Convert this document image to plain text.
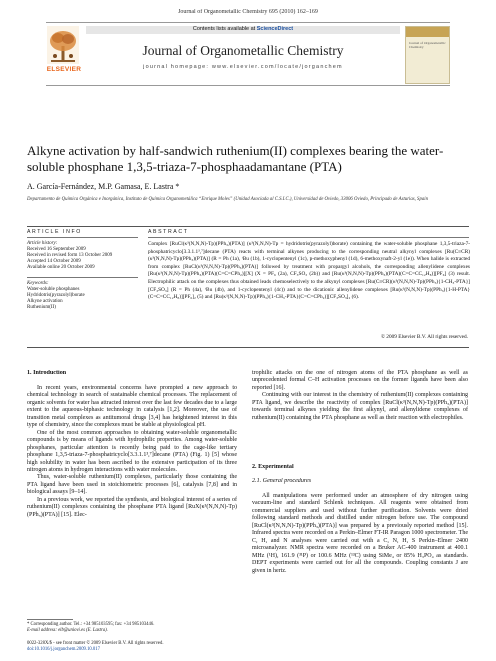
Journal of Organometallic Chemistry 695 (2010) 162–169
ELSEVIER
Contents lists available at ScienceDirect
Journal of Organometallic Chemistry
journal homepage: www.elsevier.com/locate/jorganchem
Journal of Organometallic Chemistry
Alkyne activation by half-sandwich ruthenium(II) complexes bearing the water-soluble phosphane 1,3,5-triaza-7-phosphaadamantane (PTA)
A. García-Fernández, M.P. Gamasa, E. Lastra *
Departamento de Química Orgánica e Inorgánica, Instituto de Química Organometálica “Enrique Moles” (Unidad Asociada al C.S.I.C.), Universidad de Oviedo, 33006 Oviedo, Principado de Asturias, Spain
ARTICLE INFO	ABSTRACT
Article history:
Received 16 September 2009
Received in revised form 13 October 2009
Accepted 14 October 2009
Available online 20 October 2009
Keywords:
Water-soluble phosphanes
Hydridotris(pyrazolyl)borate
Alkyne activation
Ruthenium(II)
Complex [RuCl(κ³(N,N,N)-Tp)(PPh₃)(PTA)] (κ³(N,N,N)-Tp = hydridotris(pyrazolyl)borate) containing the water-soluble phosphane 1,3,5-triaza-7-phosphatricyclo[3.3.1.1³,⁷]decane (PTA) reacts with terminal alkynes producing to the corresponding neutral alkynyl complexes [Ru(C≡CR)(κ³(N,N,N)-Tp)(PPh₃)(PTA)] (R = Ph (1a), ᵗBu (1b), 1-cyclopentenyl (1c), p-methoxyphenyl (1d), 6-methoxynaft-2-yl (1e)). When halide is extracted from complex [RuCl(κ³(N,N,N)-Tp)(PPh₃)(PTA)] followed by treatment with propargyl alcohols, the corresponding allenylidene complexes [Ru(κ³(N,N,N)-Tp)(PPh₃)(PTA)(C=C=CPh₂)][X] (X = PF₆ (2a), CF₃SO₃ (2b)) and [Ru(κ³(N,N,N)-Tp)(PPh₃)(PTA)(C=C=CC₁₂H₈)][PF₆] (3) result. Electrophilic attack on the complexes thus obtained leads chemoselectively to the alkynyl complexes [Ru(C≡CR)(κ³(N,N,N)-Tp)(PPh₃){1-CH₃-PTA}][CF₃SO₃] (R = Ph (4a), ᵗBu (4b), and 1-cyclopentenyl (4c)) and to the dicationic allenylidene complexes [Ru(κ³(N,N,N)-Tp)(PPh₃){1-H-PTA}(C=C=CC₁₂H₈)][PF₆]₂ (5) and [Ru(κ³(N,N,N)-Tp)(PPh₃){1-CH₃-PTA}(C=C=CPh₂)][CF₃SO₃]₂ (6).
© 2009 Elsevier B.V. All rights reserved.
1. Introduction

In recent years, environmental concerns have prompted a new approach to chemical technology in search of sustainable chemical processes. The replacement of organic solvents for water has attracted interest over the last few decades due to a large extent to the aqueous-biphasic technology in catalysis [1,2]. Moreover, the use of transition metal complexes as antitumoral drugs [3,4] has heightened interest in this type of chemistry, since the complexes must be stable at physiological pH.

One of the most common approaches to obtaining water-soluble organometallic compounds is by means of ligands with hydrophilic properties. Among water-soluble phosphanes, particular attention is recently being paid to the cage-like tertiary phosphane 1,3,5-triaza-7-phosphatricyclo[3.3.1.1³,⁷]decane (PTA) (Fig. 1) [5] whose high solubility in water has been ascribed to the extensive participation of its three nitrogen atoms in hydrogen interactions with water molecules.

Thus, water-soluble ruthenium(II) complexes, particularly those containing the PTA ligand have been used in stoichiometric processes [6], catalysis [7,8] and in biological assays [9–14].

In a previous work, we reported the synthesis, and biological interest of a series of ruthenium(II) complexes containing the phosphane PTA ligand [RuX(κ³(N,N,N)-Tp)(PPh₃)(PTA)] [15]. Elec-

* Corresponding author. Tel.: +34 985103595; fax: +34 985103446.
E-mail address: elb@uniovi.es (E. Lastra).
0022-328X/$ - see front matter © 2009 Elsevier B.V. All rights reserved.
doi:10.1016/j.jorganchem.2009.10.017

trophilic attacks on the one of nitrogen atoms of the PTA phosphane as well as unprecedented formal C–H activation processes on the former ligands have been also reported [16].

Continuing with our interest in the chemistry of ruthenium(II) complexes containing PTA ligand, we describe the reactivity of complex [RuCl(κ³(N,N,N)-Tp)(PPh₃)(PTA)] towards terminal alkynes yielding the first alkynyl, and allenylidene complexes of ruthenium(II) containing the PTA phosphane as well as their reaction with electrophiles.

2. Experimental
2.1. General procedures

All manipulations were performed under an atmosphere of dry nitrogen using vacuum-line and standard Schlenk techniques. All reagents were obtained from commercial suppliers and used without further purification. Solvents were dried following standard methods and distilled under nitrogen before use. The compound [RuCl(κ³(N,N,N)-Tp)(PPh₃)(PTA)] was prepared by a previously reported method [15]. Infrared spectra were recorded on a Perkin–Elmer FT-IR Paragon 1000 spectrometer. The C, H, and N analyses were carried out with a C, N, H, S Perkin–Elmer 2400 microanalyzer. NMR spectra were recorded on a Bruker AC-400 instrument at 400.1 MHz (¹H), 161.9 (³¹P) or 100.6 MHz (¹³C) using SiMe₄ or 85% H₃PO₄ as standards. DEPT experiments were carried out for all the compounds. Coupling constants J are given in hertz.
